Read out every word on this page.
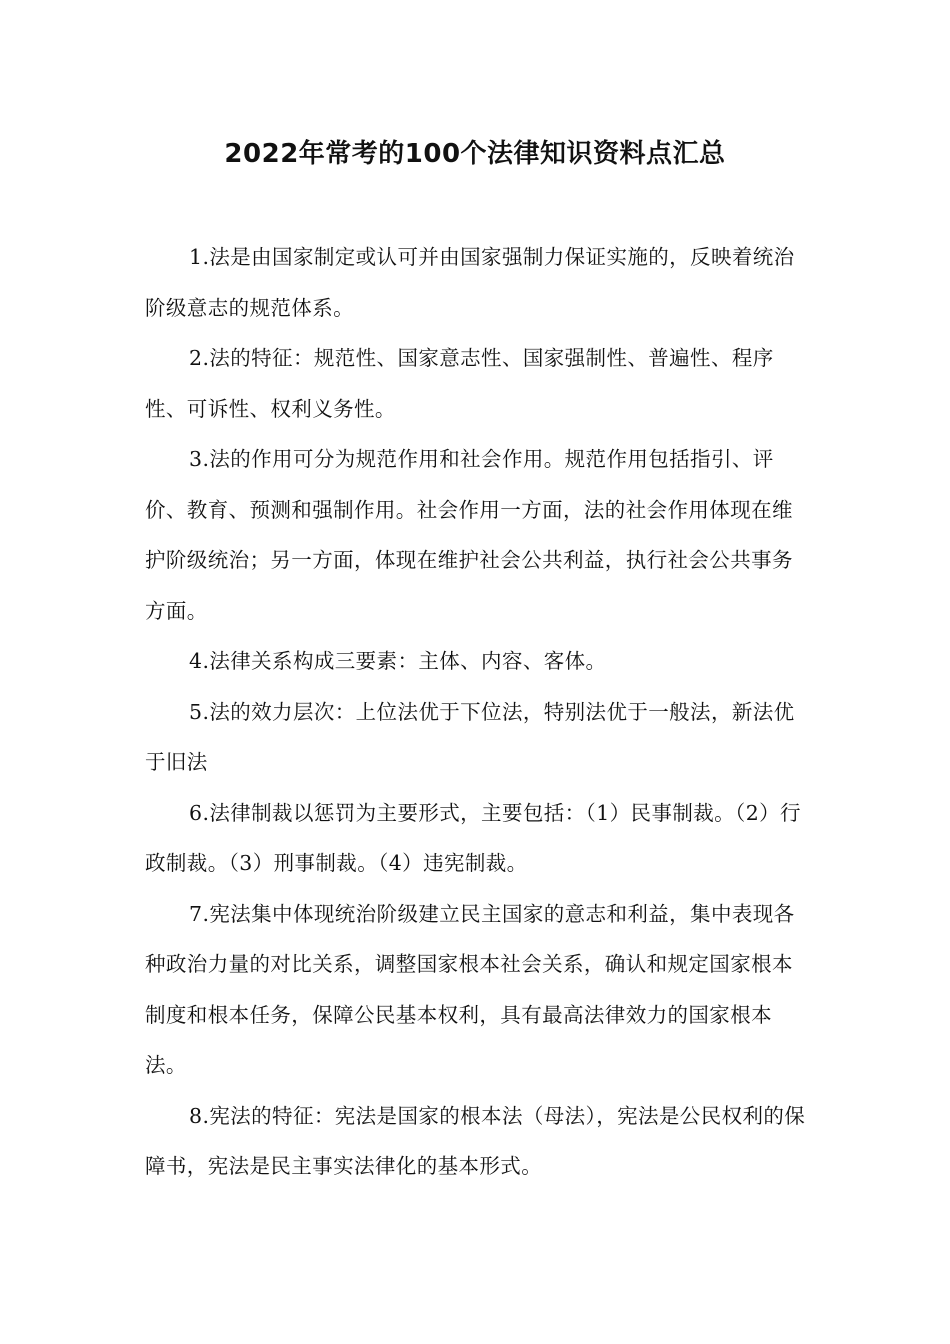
2022年常考的100个法律知识资料点汇总

1.法是由国家制定或认可并由国家强制力保证实施的，反映着统治阶级意志的规范体系。

2.法的特征：规范性、国家意志性、国家强制性、普遍性、程序性、可诉性、权利义务性。

3.法的作用可分为规范作用和社会作用。规范作用包括指引、评价、教育、预测和强制作用。社会作用一方面，法的社会作用体现在维护阶级统治；另一方面，体现在维护社会公共利益，执行社会公共事务方面。

4.法律关系构成三要素：主体、内容、客体。

5.法的效力层次：上位法优于下位法，特别法优于一般法，新法优于旧法

6.法律制裁以惩罚为主要形式，主要包括：（1）民事制裁。（2）行政制裁。（3）刑事制裁。（4）违宪制裁。

7.宪法集中体现统治阶级建立民主国家的意志和利益，集中表现各种政治力量的对比关系，调整国家根本社会关系，确认和规定国家根本制度和根本任务，保障公民基本权利，具有最高法律效力的国家根本法。

8.宪法的特征：宪法是国家的根本法（母法），宪法是公民权利的保障书，宪法是民主事实法律化的基本形式。
